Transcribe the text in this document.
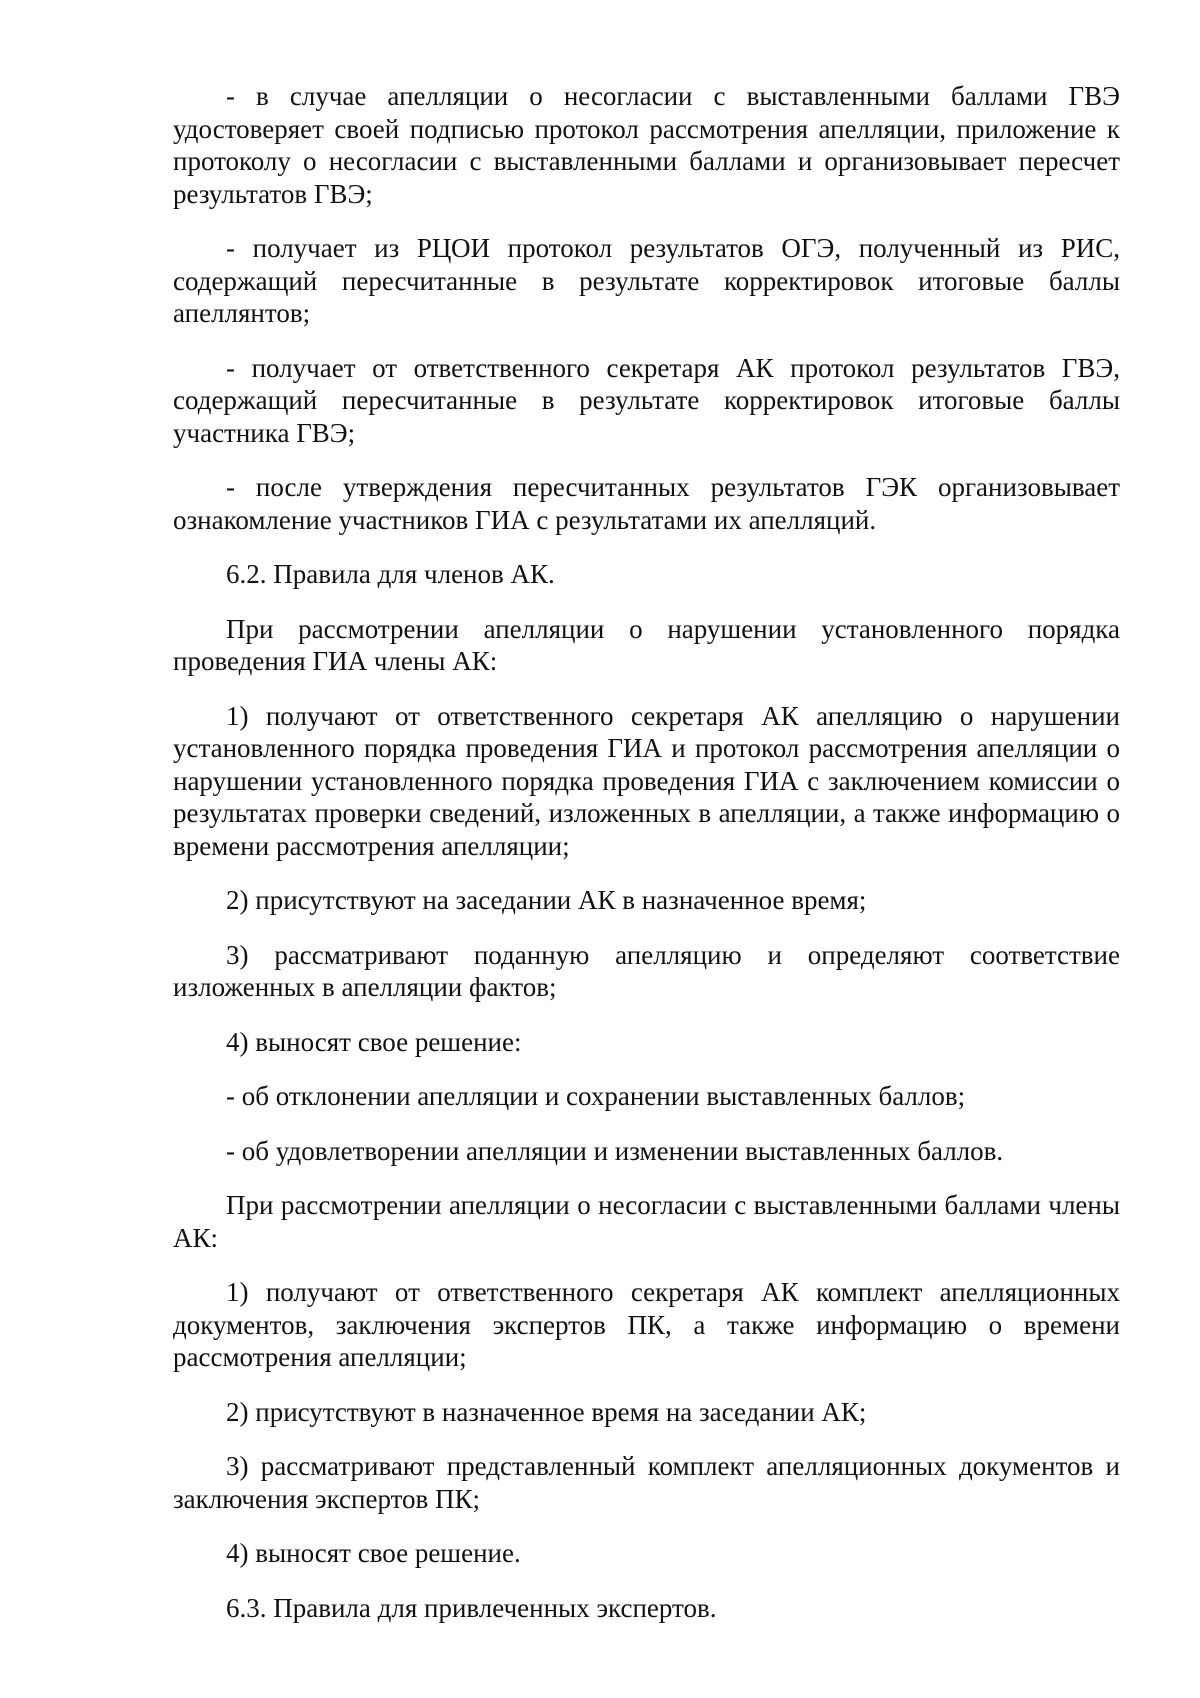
- в случае апелляции о несогласии с выставленными баллами ГВЭ удостоверяет своей подписью протокол рассмотрения апелляции, приложение к протоколу о несогласии с выставленными баллами и организовывает пересчет результатов ГВЭ;

- получает из РЦОИ протокол результатов ОГЭ, полученный из РИС, содержащий пересчитанные в результате корректировок итоговые баллы апеллянтов;

- получает от ответственного секретаря АК протокол результатов ГВЭ, содержащий пересчитанные в результате корректировок итоговые баллы участника ГВЭ;

- после утверждения пересчитанных результатов ГЭК организовывает ознакомление участников ГИА с результатами их апелляций.

6.2. Правила для членов АК.

При рассмотрении апелляции о нарушении установленного порядка проведения ГИА члены АК:

1) получают от ответственного секретаря АК апелляцию о нарушении установленного порядка проведения ГИА и протокол рассмотрения апелляции о нарушении установленного порядка проведения ГИА с заключением комиссии о результатах проверки сведений, изложенных в апелляции, а также информацию о времени рассмотрения апелляции;

2) присутствуют на заседании АК в назначенное время;

3) рассматривают поданную апелляцию и определяют соответствие изложенных в апелляции фактов;

4) выносят свое решение:

- об отклонении апелляции и сохранении выставленных баллов;

- об удовлетворении апелляции и изменении выставленных баллов.

При рассмотрении апелляции о несогласии с выставленными баллами члены АК:

1) получают от ответственного секретаря АК комплект апелляционных документов, заключения экспертов ПК, а также информацию о времени рассмотрения апелляции;

2) присутствуют в назначенное время на заседании АК;

3) рассматривают представленный комплект апелляционных документов и заключения экспертов ПК;

4) выносят свое решение.

6.3. Правила для привлеченных экспертов.
